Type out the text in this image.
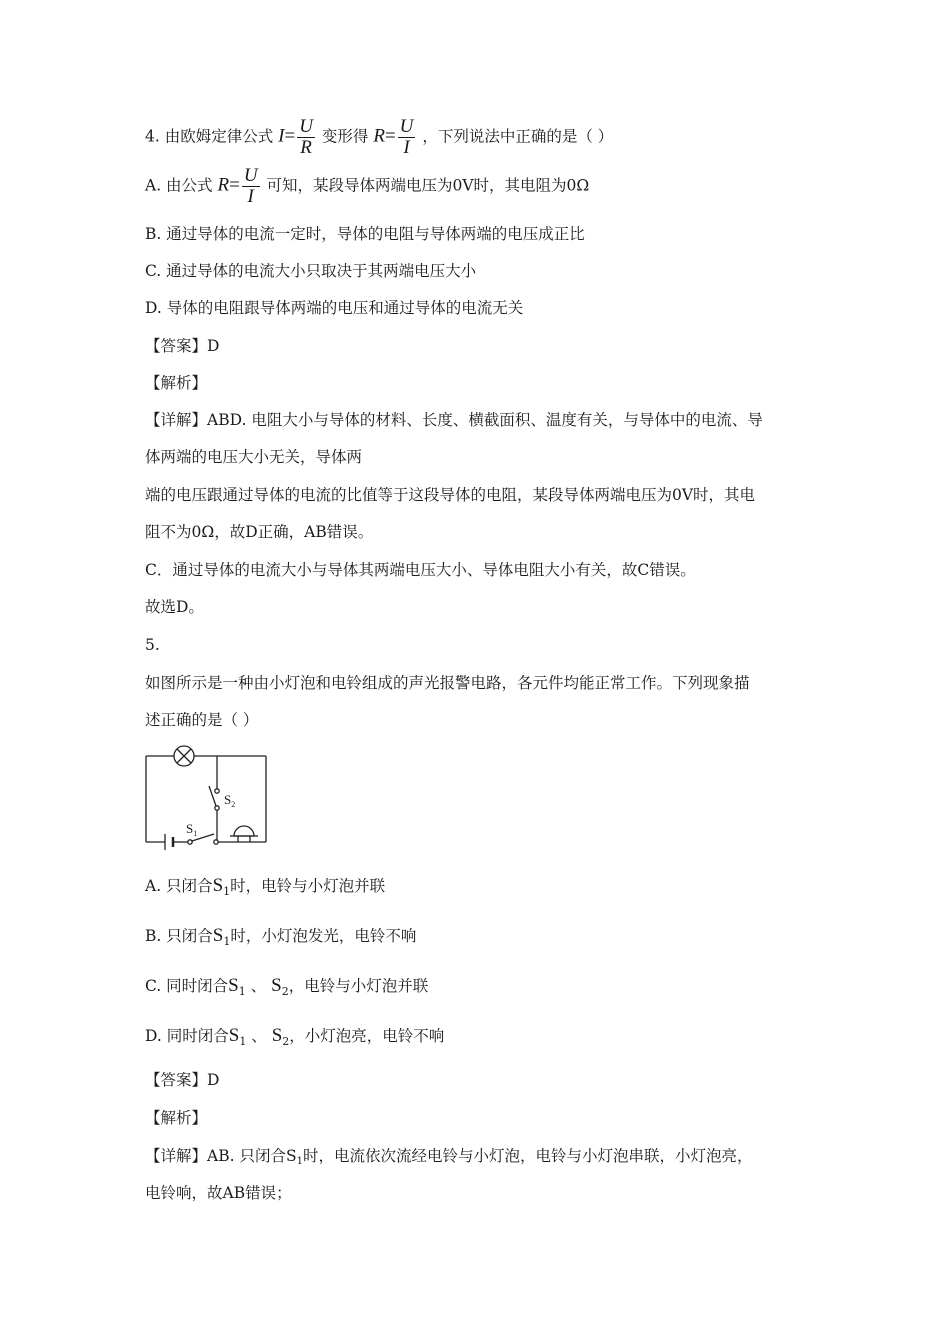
4. 由欧姆定律公式 $I= \frac{U}{R}$ 变形得 $R= \frac{U}{I}$ ，下列说法中正确的是（ ）
A. 由公式 $R= \frac{U}{I}$ 可知，某段导体两端电压为0V时，其电阻为0Ω
B. 通过导体的电流一定时，导体的电阻与导体两端的电压成正比
C. 通过导体的电流大小只取决于其两端电压大小
D. 导体的电阻跟导体两端的电压和通过导体的电流无关
【答案】D
【解析】
【详解】ABD. 电阻大小与导体的材料、长度、横截面积、温度有关，与导体中的电流、导
体两端的电压大小无关，导体两
端的电压跟通过导体的电流的比值等于这段导体的电阻，某段导体两端电压为0V时，其电
阻不为0Ω，故D正确，AB错误。
C．通过导体的电流大小与导体其两端电压大小、导体电阻大小有关，故C错误。
故选D。
5.
如图所示是一种由小灯泡和电铃组成的声光报警电路，各元件均能正常工作。下列现象描
述正确的是（ ）
$S_2$
$S_1$
A. 只闭合$S_1$时，电铃与小灯泡并联
B. 只闭合$S_1$时，小灯泡发光，电铃不响
C. 同时闭合$S_1$ 、 $S_2$，电铃与小灯泡并联
D. 同时闭合$S_1$ 、 $S_2$，小灯泡亮，电铃不响
【答案】D
【解析】
【详解】AB. 只闭合S1时，电流依次流经电铃与小灯泡，电铃与小灯泡串联，小灯泡亮，
电铃响，故AB错误；
